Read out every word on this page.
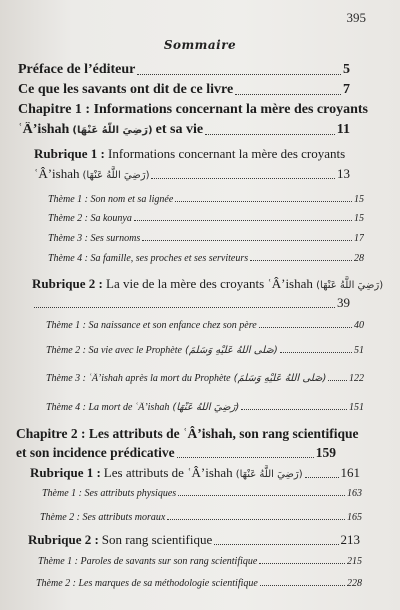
395
Sommaire
Préface de l’éditeur	5
Ce que les savants ont dit de ce livre	7
Chapitre 1 : Informations concernant la mère des croyants
ʿÂ’ishah (رَضِيَ اللَّهُ عَنْهَا) et sa vie	11
Rubrique 1 : Informations concernant la mère des croyants
ʿÂ’ishah (رَضِيَ اللَّهُ عَنْهَا)	13
Thème 1 : Son nom et sa lignée	15
Thème 2 : Sa kounya	15
Thème 3 : Ses surnoms	17
Thème 4 : Sa famille, ses proches et ses serviteurs	28
Rubrique 2 : La vie de la mère des croyants ʿÂ’ishah (رَضِيَ اللَّهُ عَنْهَا)
39
Thème 1 : Sa naissance et son enfance chez son père	40
Thème 2 : Sa vie avec le Prophète (صَلَّى اللَّهُ عَلَيْهِ وَسَلَّمَ)	51
Thème 3 : ʿÂ’ishah après la mort du Prophète (صَلَّى اللَّهُ عَلَيْهِ وَسَلَّمَ) 122
Thème 4 : La mort de ʿÂ’ishah (رَضِيَ اللَّهُ عَنْهَا)	151
Chapitre 2 : Les attributs de ʿÂ’ishah, son rang scientifique
et son incidence prédicative	159
Rubrique 1 : Les attributs de ʿÂ’ishah (رَضِيَ اللَّهُ عَنْهَا)	161
Thème 1 : Ses attributs physiques	163
Thème 2 : Ses attributs moraux	165
Rubrique 2 : Son rang scientifique	213
Thème 1 : Paroles de savants sur son rang scientifique	215
Thème 2 : Les marques de sa méthodologie scientifique	228
